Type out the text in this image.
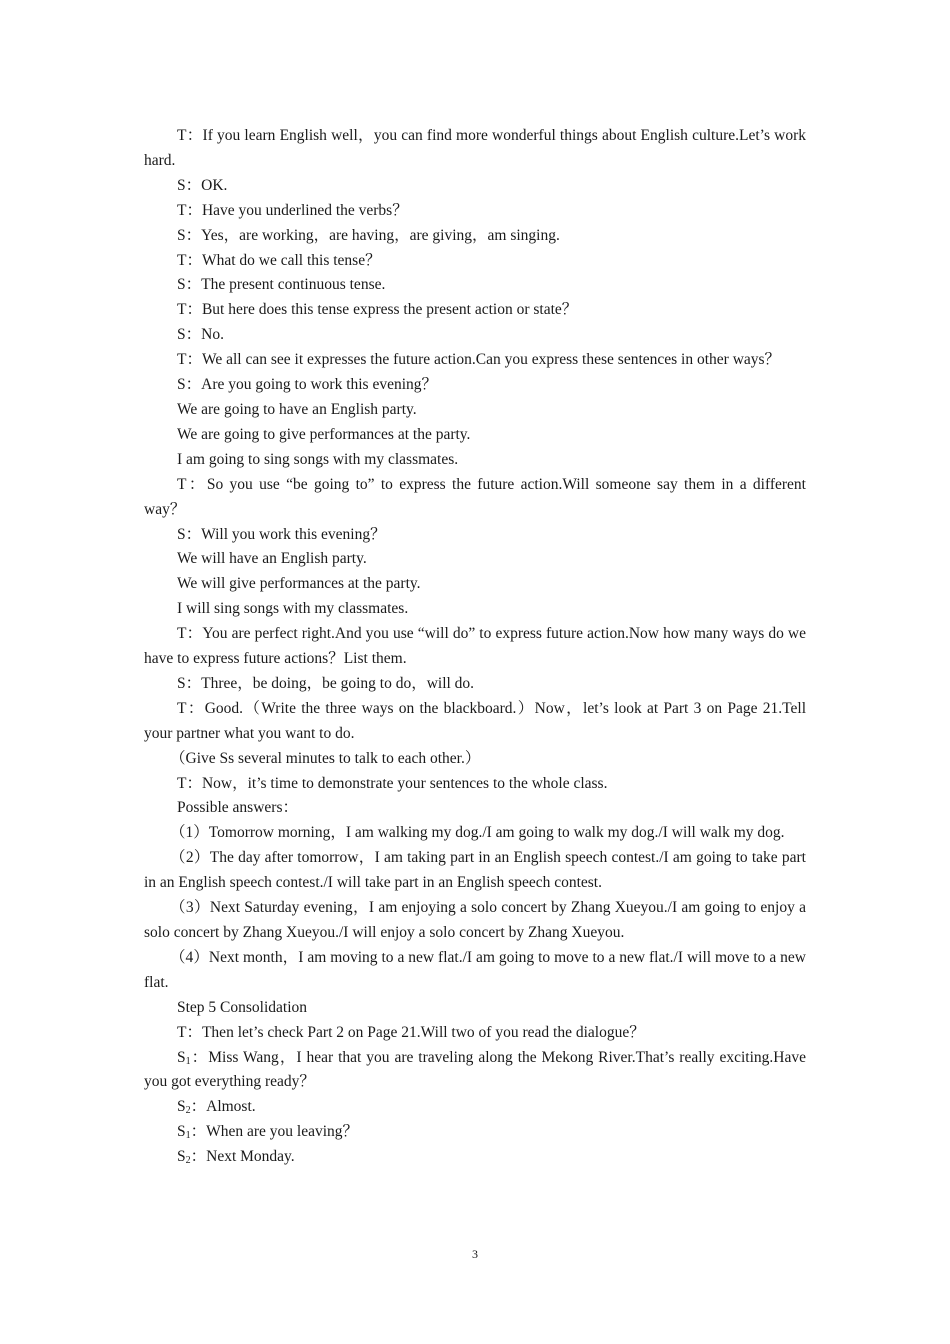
T：If you learn English well，you can find more wonderful things about English culture.Let’s work hard.

S：OK.

T：Have you underlined the verbs？

S：Yes，are working，are having，are giving，am singing.

T：What do we call this tense？

S：The present continuous tense.

T：But here does this tense express the present action or state？

S：No.

T：We all can see it expresses the future action.Can you express these sentences in other ways？

S：Are you going to work this evening？

We are going to have an English party.

We are going to give performances at the party.

I am going to sing songs with my classmates.

T：So you use “be going to” to express the future action.Will someone say them in a different way？

S：Will you work this evening？

We will have an English party.

We will give performances at the party.

I will sing songs with my classmates.

T：You are perfect right.And you use “will do” to express future action.Now how many ways do we have to express future actions？List them.

S：Three，be doing，be going to do，will do.

T：Good.（Write the three ways on the blackboard.）Now，let’s look at Part 3 on Page 21.Tell your partner what you want to do.

（Give Ss several minutes to talk to each other.）

T：Now，it’s time to demonstrate your sentences to the whole class.

Possible answers：

（1）Tomorrow morning，I am walking my dog./I am going to walk my dog./I will walk my dog.

（2）The day after tomorrow，I am taking part in an English speech contest./I am going to take part in an English speech contest./I will take part in an English speech contest.

（3）Next Saturday evening，I am enjoying a solo concert by Zhang Xueyou./I am going to enjoy a solo concert by Zhang Xueyou./I will enjoy a solo concert by Zhang Xueyou.

（4）Next month，I am moving to a new flat./I am going to move to a new flat./I will move to a new flat.

Step 5 Consolidation

T：Then let’s check Part 2 on Page 21.Will two of you read the dialogue？

$S_1$：Miss Wang，I hear that you are traveling along the Mekong River.That’s really exciting.Have you got everything ready？

$S_2$：Almost.

$S_1$：When are you leaving？

$S_2$：Next Monday.

3
